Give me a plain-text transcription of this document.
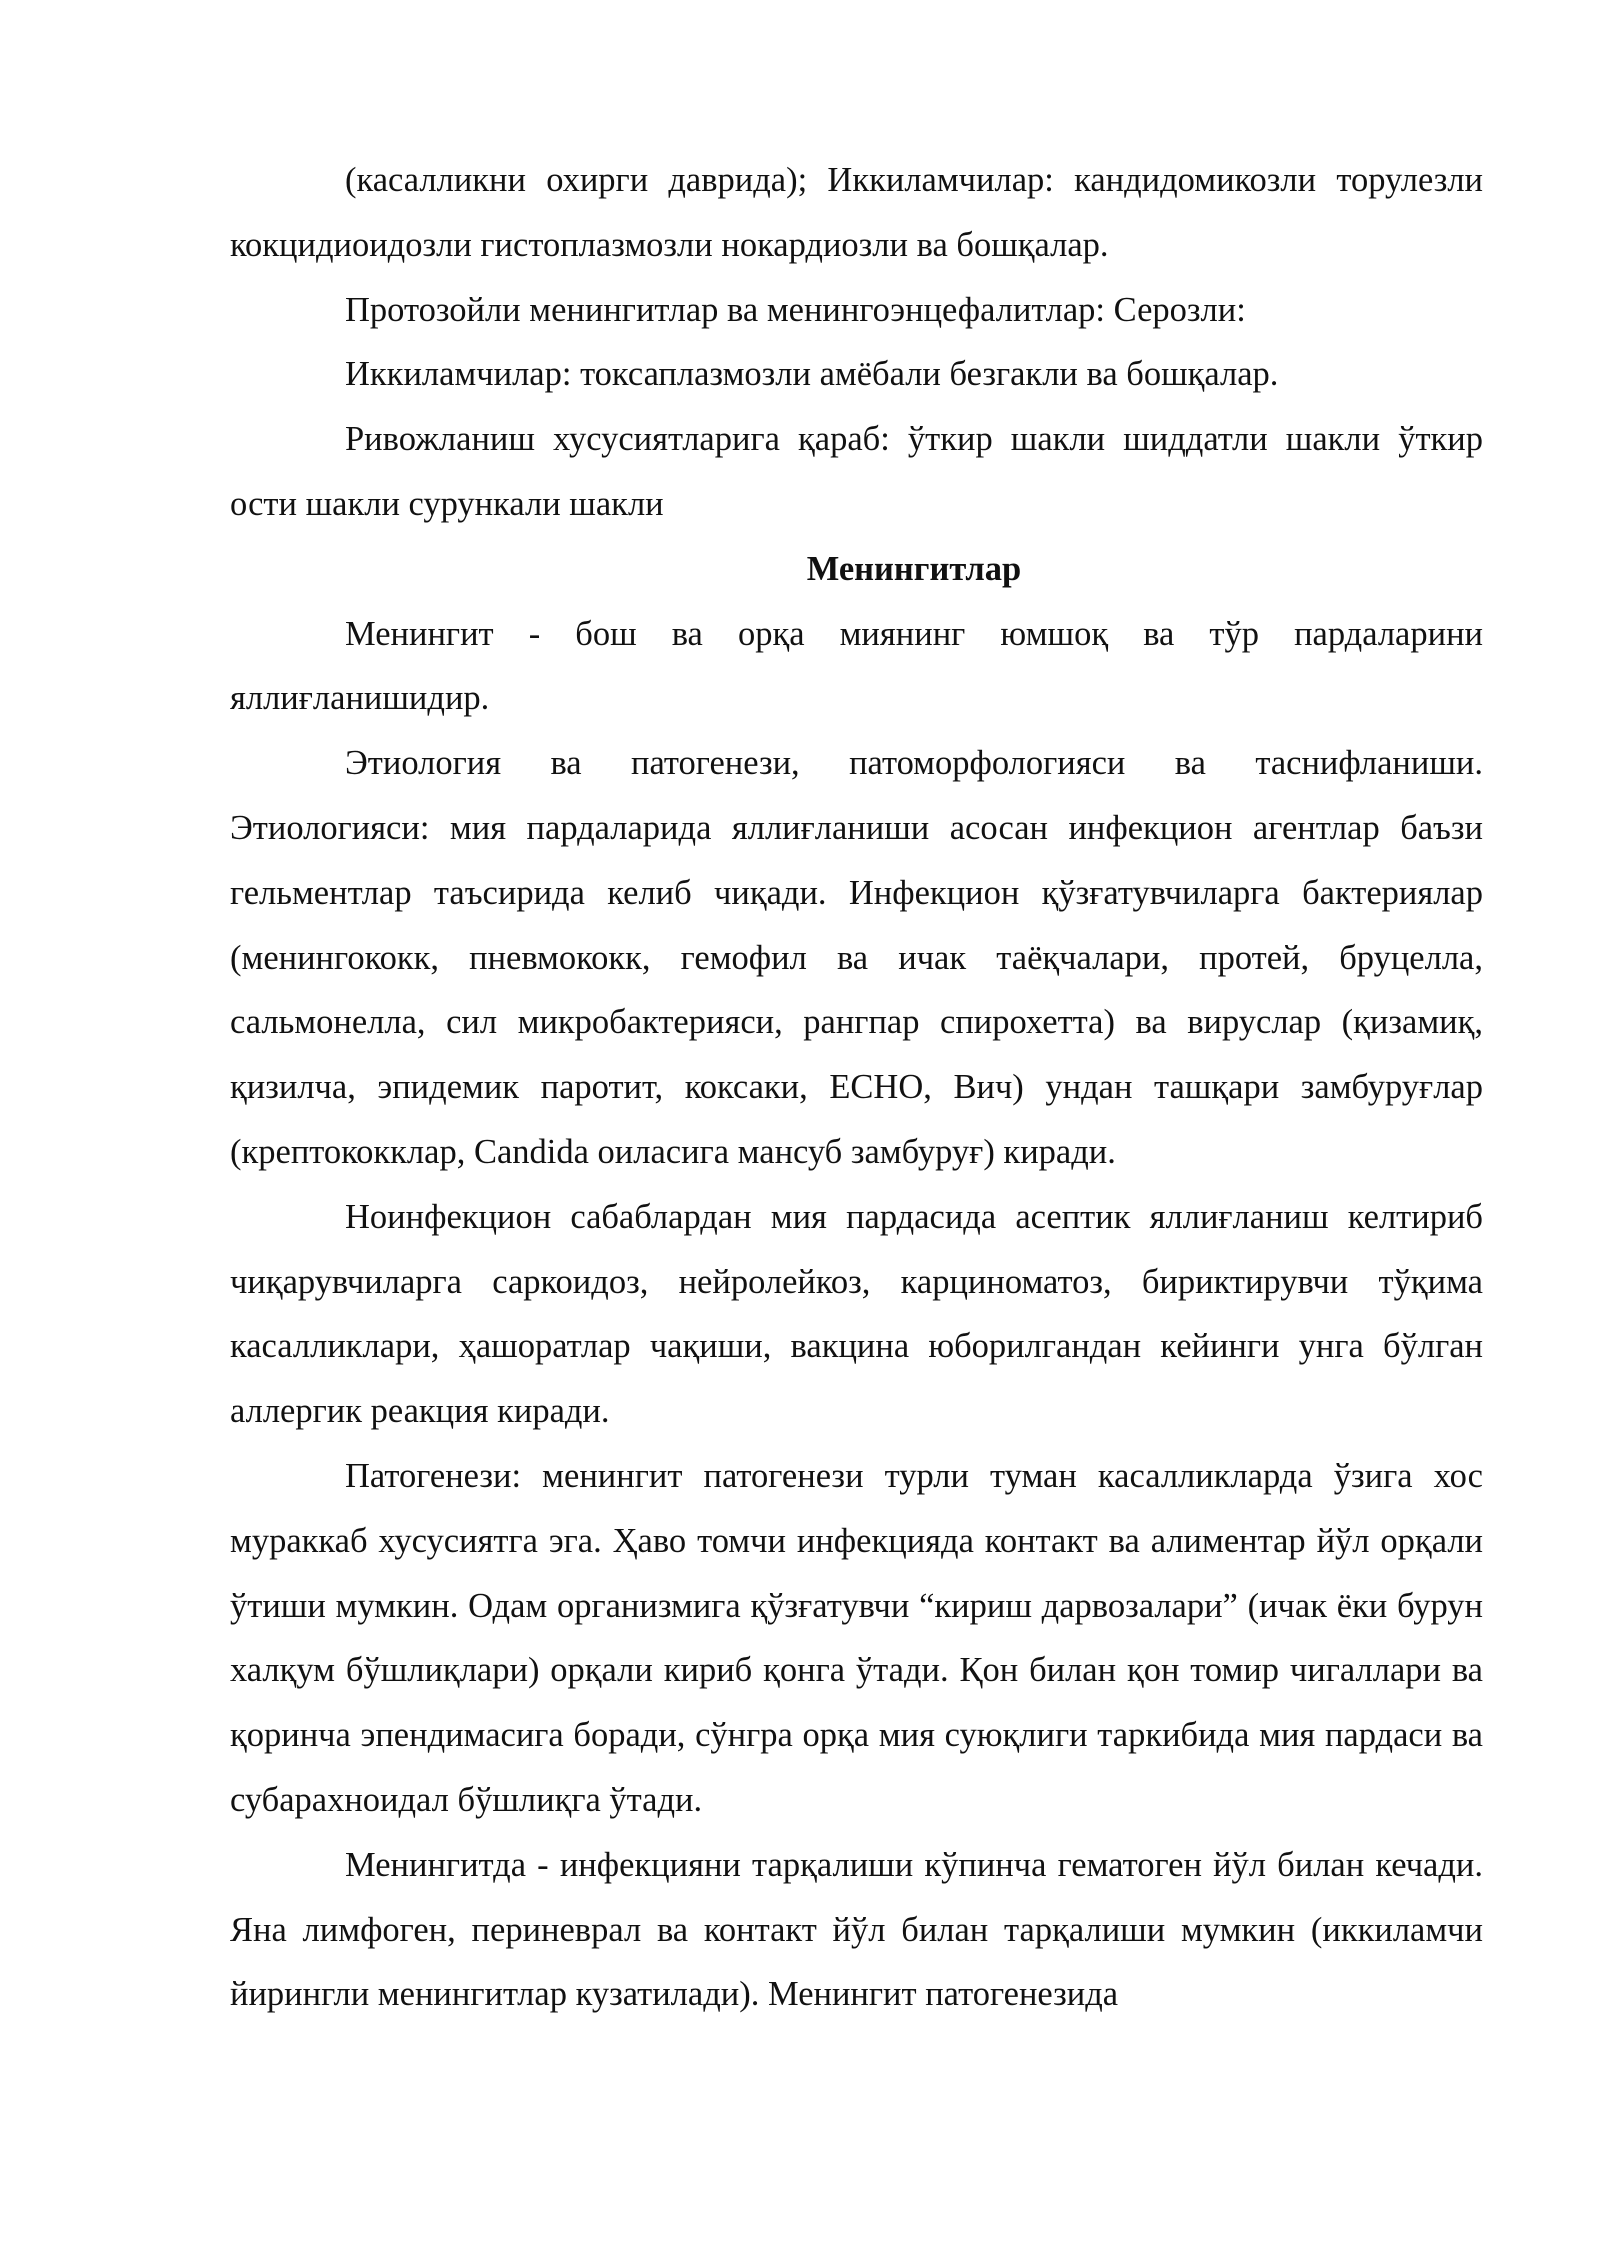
(касалликни охирги даврида); Иккиламчилар: кандидомикозли торулезли кокцидиоидозли гистоплазмозли нокардиозли ва бошқалар.

Протозойли менингитлар ва менингоэнцефалитлар: Серозли:

Иккиламчилар: токсаплазмозли амёбали безгакли ва бошқалар.

Ривожланиш хусусиятларига қараб: ўткир шакли шиддатли шакли ўткир ости шакли сурункали шакли

Менингитлар

Менингит - бош ва орқа миянинг юмшоқ ва тўр пардаларини яллиғланишидир.

Этиология ва патогенези, патоморфологияси ва таснифланиши. Этиологияси: мия пардаларида яллиғланиши асосан инфекцион агентлар баъзи гельментлар таъсирида келиб чиқади. Инфекцион қўзғатувчиларга бактериялар (менингококк, пневмококк, гемофил ва ичак таёқчалари, протей, бруцелла, сальмонелла, сил микробактерияси, рангпар спирохетта) ва вируслар (қизамиқ, қизилча, эпидемик паротит, коксаки, ЕСНО, Вич) ундан ташқари замбуруғлар (крептококклар, Candida оиласига мансуб замбуруғ) киради.

Ноинфекцион сабаблардан мия пардасида асептик яллиғланиш келтириб чиқарувчиларга саркоидоз, нейролейкоз, карциноматоз, бириктирувчи тўқима касалликлари, ҳашоратлар чақиши, вакцина юборилгандан кейинги унга бўлган аллергик реакция киради.

Патогенези: менингит патогенези турли туман касалликларда ўзига хос мураккаб хусусиятга эга. Ҳаво томчи инфекцияда контакт ва алиментар йўл орқали ўтиши мумкин. Одам организмига қўзғатувчи “кириш дарвозалари” (ичак ёки бурун халқум бўшлиқлари) орқали кириб қонга ўтади. Қон билан қон томир чигаллари ва қоринча эпендимасига боради, сўнгра орқа мия суюқлиги таркибида мия пардаси ва субарахноидал бўшлиқга ўтади.

Менингитда - инфекцияни тарқалиши кўпинча гематоген йўл билан кечади. Яна лимфоген, периневрал ва контакт йўл билан тарқалиши мумкин (иккиламчи йирингли менингитлар кузатилади). Менингит патогенезида
